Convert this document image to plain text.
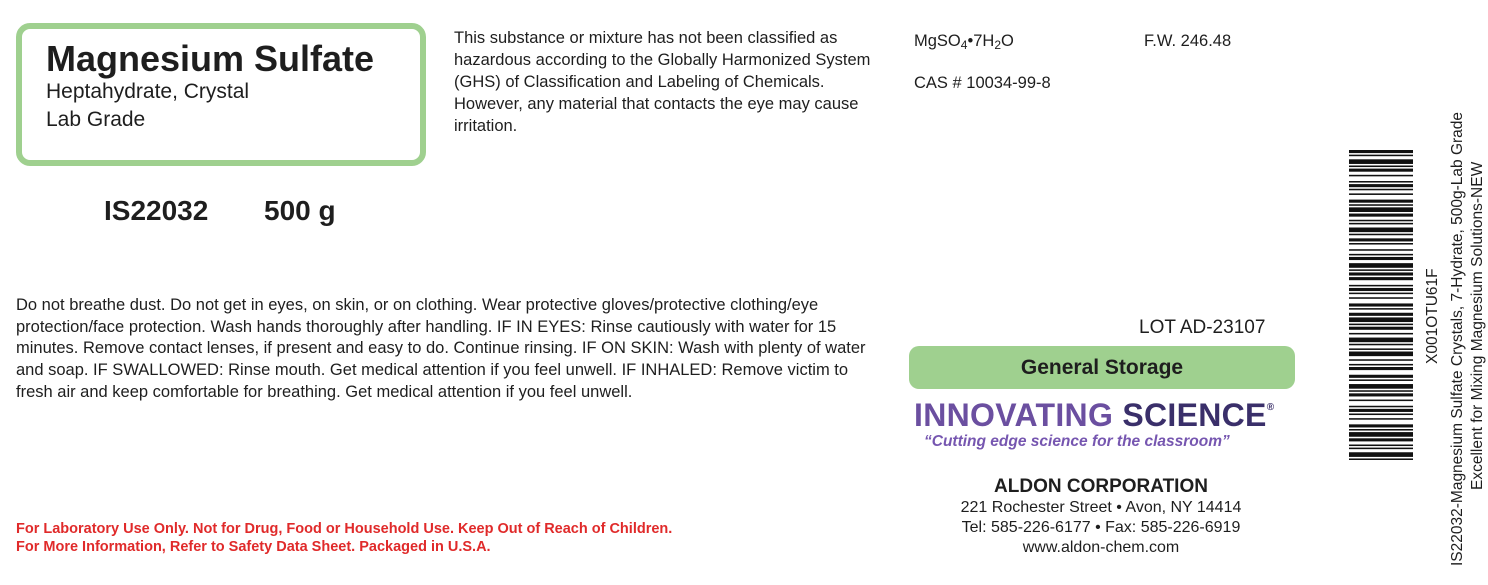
Magnesium Sulfate
Heptahydrate, Crystal
Lab Grade
IS22032 500 g
This substance or mixture has not been classified as hazardous according to the Globally Harmonized System (GHS) of Classification and Labeling of Chemicals. However, any material that contacts the eye may cause irritation.
$MgSO_4•7H_2O$	F.W. 246.48
CAS # 10034-99-8
Do not breathe dust. Do not get in eyes, on skin, or on clothing. Wear protective gloves/protective clothing/eye protection/face protection. Wash hands thoroughly after handling. IF IN EYES: Rinse cautiously with water for 15 minutes. Remove contact lenses, if present and easy to do. Continue rinsing. IF ON SKIN: Wash with plenty of water and soap. IF SWALLOWED: Rinse mouth. Get medical attention if you feel unwell. IF INHALED: Remove victim to fresh air and keep comfortable for breathing. Get medical attention if you feel unwell.
LOT AD-23107
General Storage
INNOVATING SCIENCE®
“Cutting edge science for the classroom”
ALDON CORPORATION
221 Rochester Street • Avon, NY 14414
Tel: 585-226-6177 • Fax: 585-226-6919
www.aldon-chem.com
For Laboratory Use Only. Not for Drug, Food or Household Use. Keep Out of Reach of Children.
For More Information, Refer to Safety Data Sheet. Packaged in U.S.A.
X001OTU61F IS22032-Magnesium Sulfate Crystals, 7-Hydrate, 500g-Lab Grade Excellent for Mixing Magnesium Solutions-NEW
